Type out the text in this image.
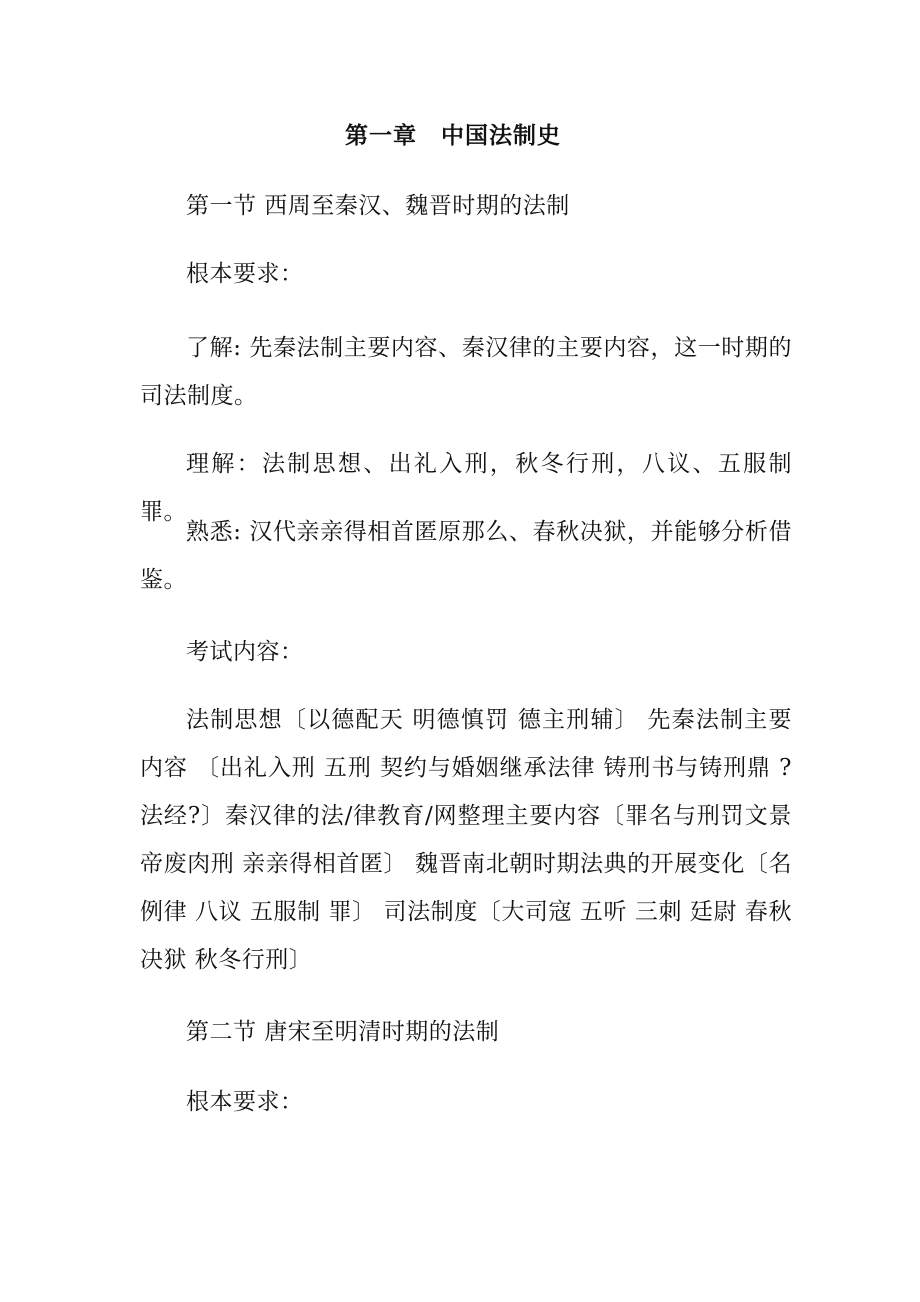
第一章　中国法制史
第一节 西周至秦汉、魏晋时期的法制
根本要求：
了解: 先秦法制主要内容、秦汉律的主要内容，这一时期的司法制度。
理解：法制思想、出礼入刑，秋冬行刑，八议、五服制罪。
熟悉: 汉代亲亲得相首匿原那么、春秋决狱，并能够分析借鉴。
考试内容：
法制思想〔以德配天 明德慎罚 德主刑辅〕 先秦法制主要内容 〔出礼入刑 五刑 契约与婚姻继承法律 铸刑书与铸刑鼎 ?法经?〕秦汉律的法/律教育/网整理主要内容〔罪名与刑罚文景帝废肉刑 亲亲得相首匿〕 魏晋南北朝时期法典的开展变化〔名例律 八议 五服制 罪〕 司法制度〔大司寇 五听 三刺 廷尉 春秋决狱 秋冬行刑〕
第二节 唐宋至明清时期的法制
根本要求：
